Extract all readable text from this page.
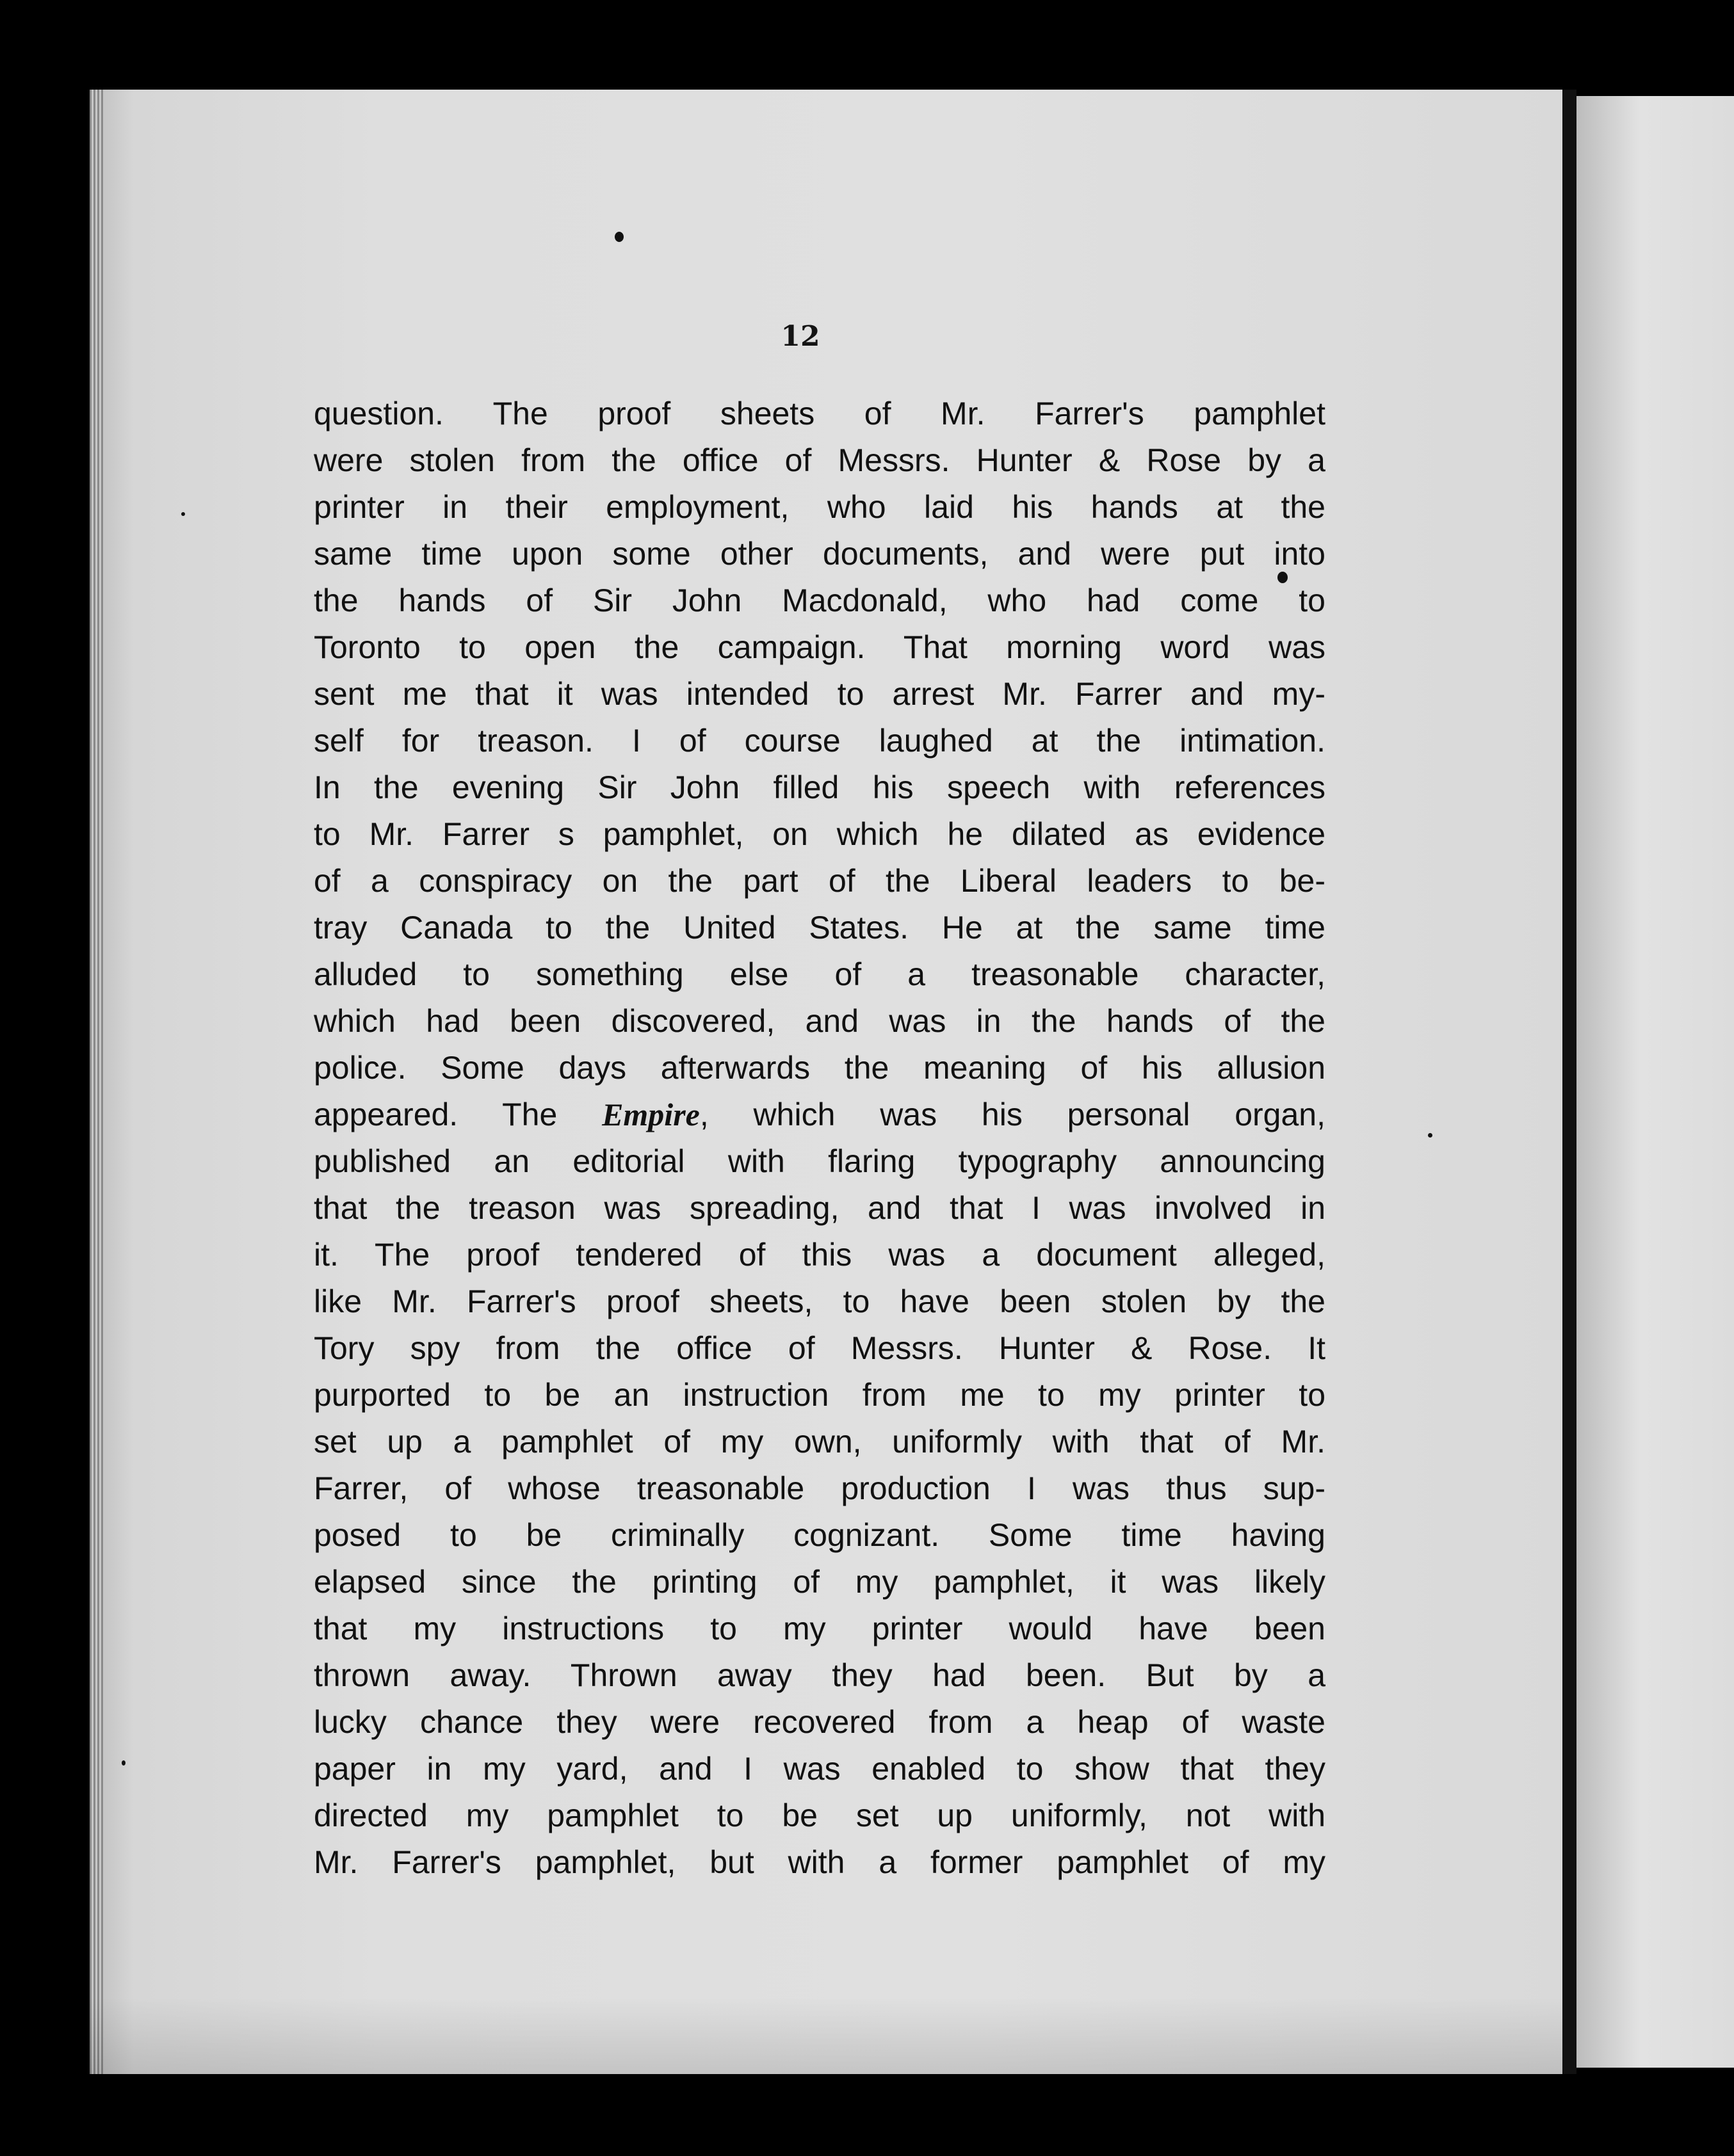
12
question. The proof sheets of Mr. Farrer's pamphlet
were stolen from the office of Messrs. Hunter & Rose by a
printer in their employment, who laid his hands at the
same time upon some other documents, and were put into
the hands of Sir John Macdonald, who had come to
Toronto to open the campaign. That morning word was
sent me that it was intended to arrest Mr. Farrer and my-
self for treason. I of course laughed at the intimation.
In the evening Sir John filled his speech with references
to Mr. Farrer s pamphlet, on which he dilated as evidence
of a conspiracy on the part of the Liberal leaders to be-
tray Canada to the United States. He at the same time
alluded to something else of a treasonable character,
which had been discovered, and was in the hands of the
police. Some days afterwards the meaning of his allusion
appeared. The Empire, which was his personal organ,
published an editorial with flaring typography announcing
that the treason was spreading, and that I was involved in
it. The proof tendered of this was a document alleged,
like Mr. Farrer's proof sheets, to have been stolen by the
Tory spy from the office of Messrs. Hunter & Rose. It
purported to be an instruction from me to my printer to
set up a pamphlet of my own, uniformly with that of Mr.
Farrer, of whose treasonable production I was thus sup-
posed to be criminally cognizant. Some time having
elapsed since the printing of my pamphlet, it was likely
that my instructions to my printer would have been
thrown away. Thrown away they had been. But by a
lucky chance they were recovered from a heap of waste
paper in my yard, and I was enabled to show that they
directed my pamphlet to be set up uniformly, not with
Mr. Farrer's pamphlet, but with a former pamphlet of my
